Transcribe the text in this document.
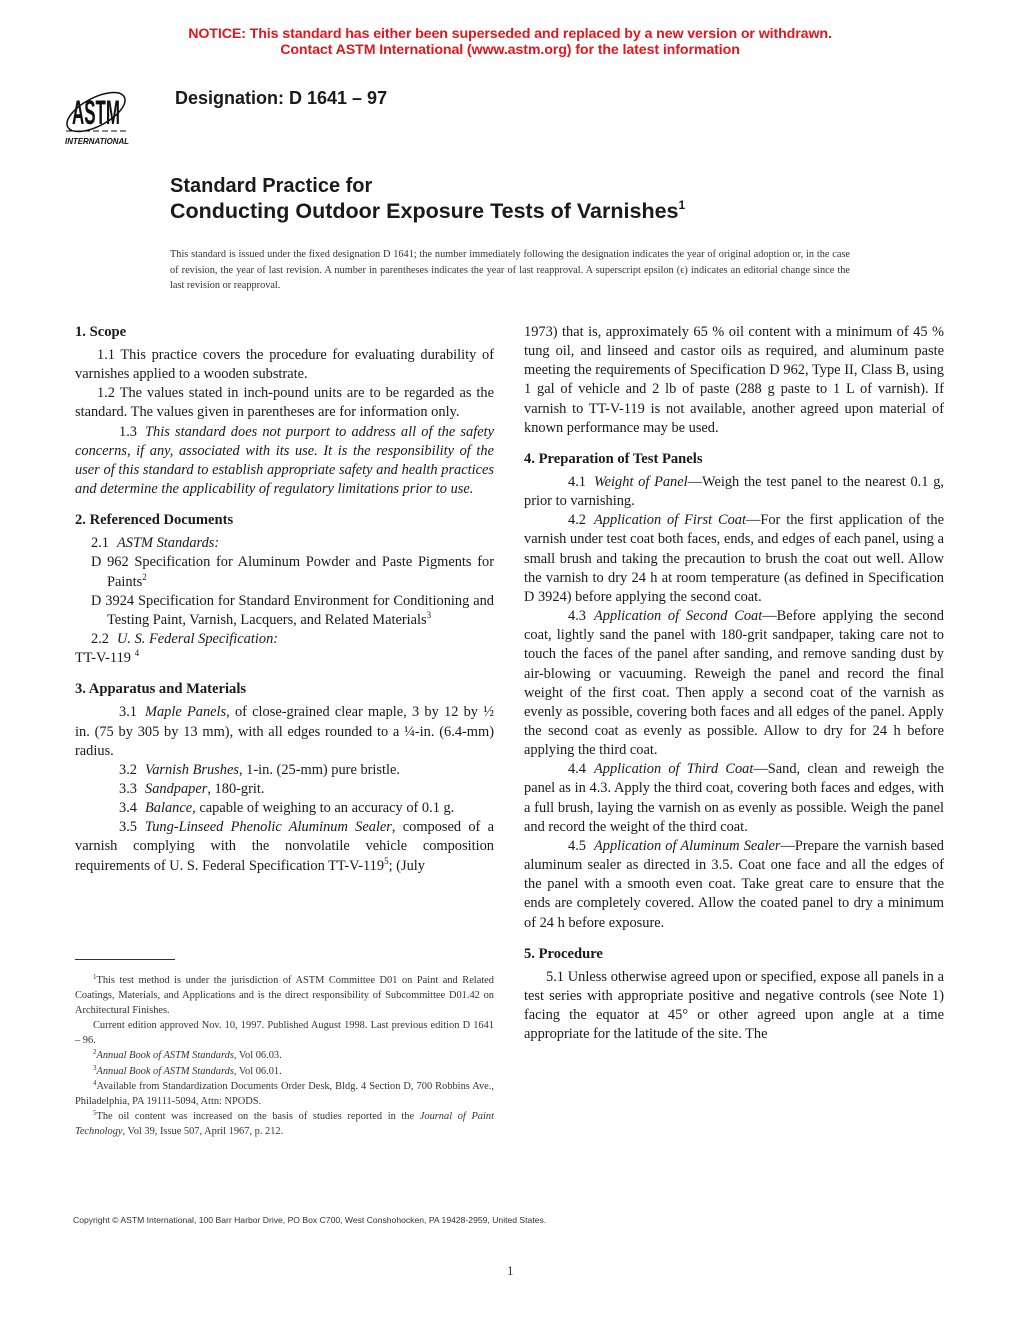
NOTICE: This standard has either been superseded and replaced by a new version or withdrawn.
Contact ASTM International (www.astm.org) for the latest information
ASTM
INTERNATIONAL
Designation: D 1641 – 97
Standard Practice for
Conducting Outdoor Exposure Tests of Varnishes$^1$
This standard is issued under the fixed designation D 1641; the number immediately following the designation indicates the year of original adoption or, in the case of revision, the year of last revision. A number in parentheses indicates the year of last reapproval. A superscript epsilon (ϵ) indicates an editorial change since the last revision or reapproval.
1. Scope

1.1 This practice covers the procedure for evaluating durability of varnishes applied to a wooden substrate.

1.2 The values stated in inch-pound units are to be regarded as the standard. The values given in parentheses are for information only.

1.3 This standard does not purport to address all of the safety concerns, if any, associated with its use. It is the responsibility of the user of this standard to establish appropriate safety and health practices and determine the applicability of regulatory limitations prior to use.

2. Referenced Documents

2.1 ASTM Standards:

D 962 Specification for Aluminum Powder and Paste Pigments for Paints$^2$

D 3924 Specification for Standard Environment for Conditioning and Testing Paint, Varnish, Lacquers, and Related Materials$^3$

2.2 U. S. Federal Specification:

TT-V-119 $^4$

3. Apparatus and Materials

3.1 Maple Panels, of close-grained clear maple, 3 by 12 by ½ in. (75 by 305 by 13 mm), with all edges rounded to a ¼-in. (6.4-mm) radius.

3.2 Varnish Brushes, 1-in. (25-mm) pure bristle.

3.3 Sandpaper, 180-grit.

3.4 Balance, capable of weighing to an accuracy of 0.1 g.

3.5 Tung-Linseed Phenolic Aluminum Sealer, composed of a varnish complying with the nonvolatile vehicle composition requirements of U. S. Federal Specification $TT-V-119^5$; (July

1973) that is, approximately 65 % oil content with a minimum of 45 % tung oil, and linseed and castor oils as required, and aluminum paste meeting the requirements of Specification D 962, Type II, Class B, using 1 gal of vehicle and 2 lb of paste (288 g paste to 1 L of varnish). If varnish to TT-V-119 is not available, another agreed upon material of known performance may be used.

4. Preparation of Test Panels

4.1 Weight of Panel—Weigh the test panel to the nearest 0.1 g, prior to varnishing.

4.2 Application of First Coat—For the first application of the varnish under test coat both faces, ends, and edges of each panel, using a small brush and taking the precaution to brush the coat out well. Allow the varnish to dry 24 h at room temperature (as defined in Specification D 3924) before applying the second coat.

4.3 Application of Second Coat—Before applying the second coat, lightly sand the panel with 180-grit sandpaper, taking care not to touch the faces of the panel after sanding, and remove sanding dust by air-blowing or vacuuming. Reweigh the panel and record the final weight of the first coat. Then apply a second coat of the varnish as evenly as possible, covering both faces and all edges of the panel. Apply the second coat as evenly as possible. Allow to dry for 24 h before applying the third coat.

4.4 Application of Third Coat—Sand, clean and reweigh the panel as in 4.3. Apply the third coat, covering both faces and edges, with a full brush, laying the varnish on as evenly as possible. Weigh the panel and record the weight of the third coat.

4.5 Application of Aluminum Sealer—Prepare the varnish based aluminum sealer as directed in 3.5. Coat one face and all the edges of the panel with a smooth even coat. Take great care to ensure that the ends are completely covered. Allow the coated panel to dry a minimum of 24 h before exposure.

5. Procedure

5.1 Unless otherwise agreed upon or specified, expose all panels in a test series with appropriate positive and negative controls (see Note 1) facing the equator at 45° or other agreed upon angle at a time appropriate for the latitude of the site. The

$^1$This test method is under the jurisdiction of ASTM Committee D01 on Paint and Related Coatings, Materials, and Applications and is the direct responsibility of Subcommittee D01.42 on Architectural Finishes.

Current edition approved Nov. 10, 1997. Published August 1998. Last previous edition D 1641 – 96.

$^2$Annual Book of ASTM Standards, Vol 06.03.

$^3$Annual Book of ASTM Standards, Vol 06.01.

$^4$Available from Standardization Documents Order Desk, Bldg. 4 Section D, 700 Robbins Ave., Philadelphia, PA 19111-5094, Attn: NPODS.

$^5$The oil content was increased on the basis of studies reported in the Journal of Paint Technology, Vol 39, Issue 507, April 1967, p. 212.

Copyright © ASTM International, 100 Barr Harbor Drive, PO Box C700, West Conshohocken, PA 19428-2959, United States.
1
